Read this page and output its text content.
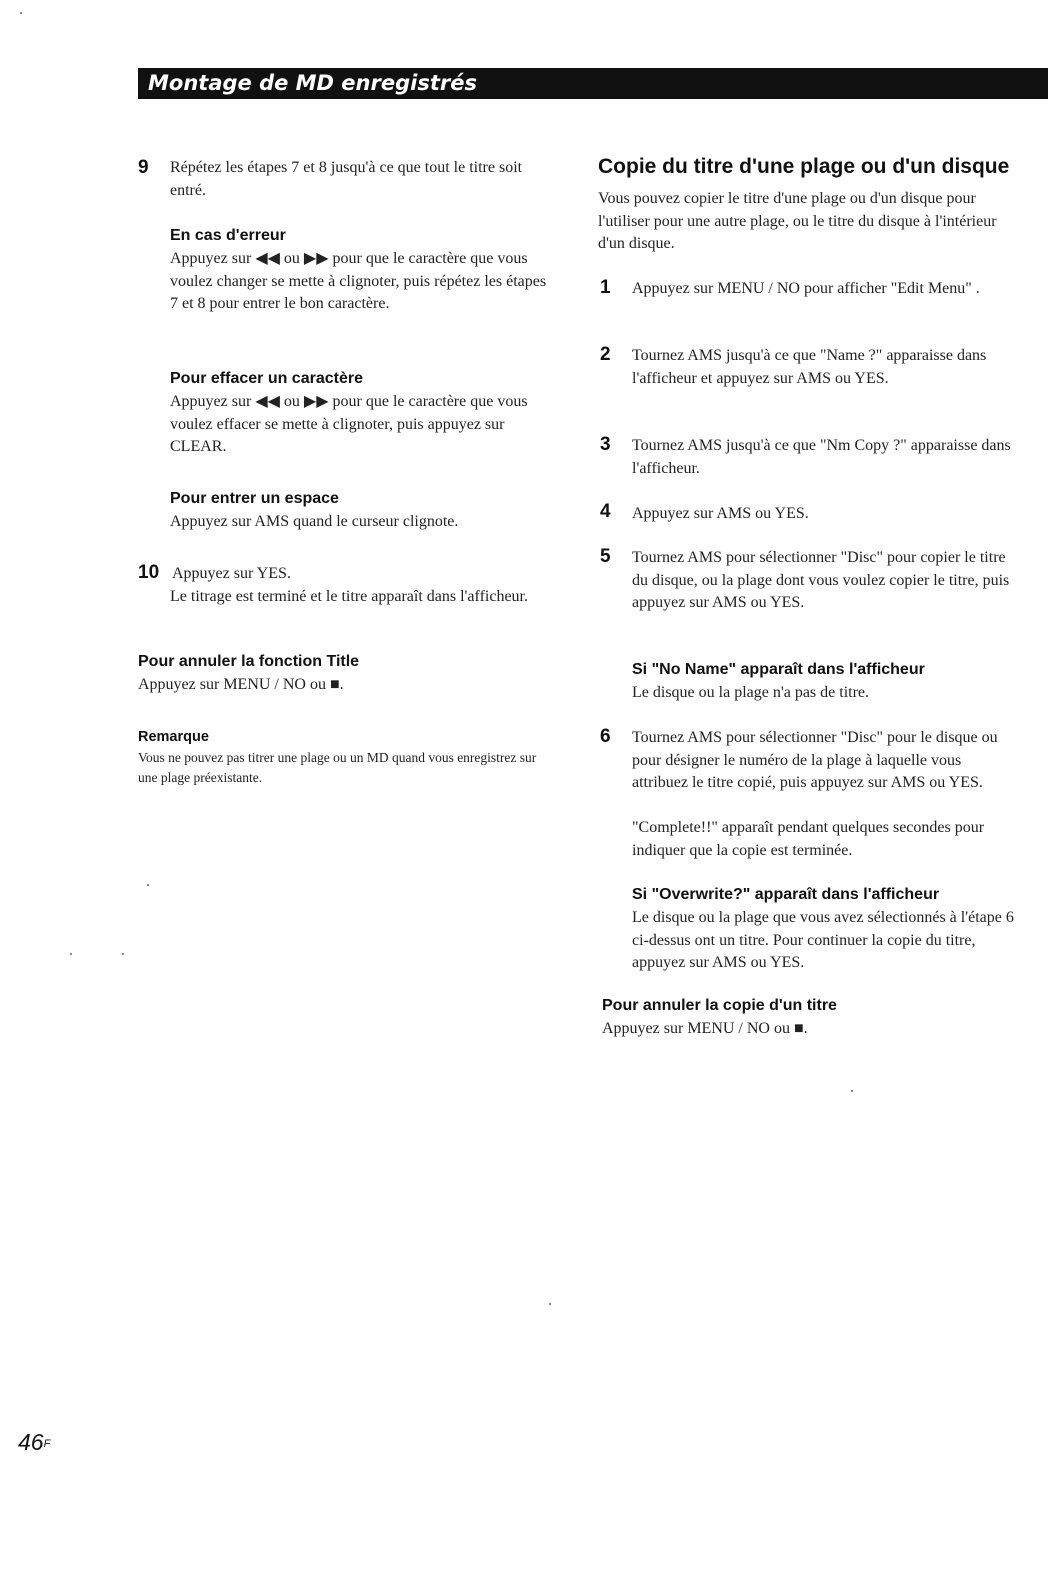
Montage de MD enregistrés
9 Répétez les étapes 7 et 8 jusqu'à ce que tout le titre soit entré.
En cas d'erreur
Appuyez sur ◀◀ ou ▶▶ pour que le caractère que vous voulez changer se mette à clignoter, puis répétez les étapes 7 et 8 pour entrer le bon caractère.
Pour effacer un caractère
Appuyez sur ◀◀ ou ▶▶ pour que le caractère que vous voulez effacer se mette à clignoter, puis appuyez sur CLEAR.
Pour entrer un espace
Appuyez sur AMS quand le curseur clignote.
10 Appuyez sur YES.
Le titrage est terminé et le titre apparaît dans l'afficheur.
Pour annuler la fonction Title
Appuyez sur MENU / NO ou ■.
Remarque
Vous ne pouvez pas titrer une plage ou un MD quand vous enregistrez sur une plage préexistante.
Copie du titre d'une plage ou d'un disque
Vous pouvez copier le titre d'une plage ou d'un disque pour l'utiliser pour une autre plage, ou le titre du disque à l'intérieur d'un disque.
1 Appuyez sur MENU / NO pour afficher "Edit Menu" .
2 Tournez AMS jusqu'à ce que "Name ?" apparaisse dans l'afficheur et appuyez sur AMS ou YES.
3 Tournez AMS jusqu'à ce que "Nm Copy ?" apparaisse dans l'afficheur.
4 Appuyez sur AMS ou YES.
5 Tournez AMS pour sélectionner "Disc" pour copier le titre du disque, ou la plage dont vous voulez copier le titre, puis appuyez sur AMS ou YES.
Si "No Name" apparaît dans l'afficheur
Le disque ou la plage n'a pas de titre.
6 Tournez AMS pour sélectionner "Disc" pour le disque ou pour désigner le numéro de la plage à laquelle vous attribuez le titre copié, puis appuyez sur AMS ou YES.
"Complete!!" apparaît pendant quelques secondes pour indiquer que la copie est terminée.
Si "Overwrite?" apparaît dans l'afficheur
Le disque ou la plage que vous avez sélectionnés à l'étape 6 ci-dessus ont un titre. Pour continuer la copie du titre, appuyez sur AMS ou YES.
Pour annuler la copie d'un titre
Appuyez sur MENU / NO ou ■.
$46^F$
